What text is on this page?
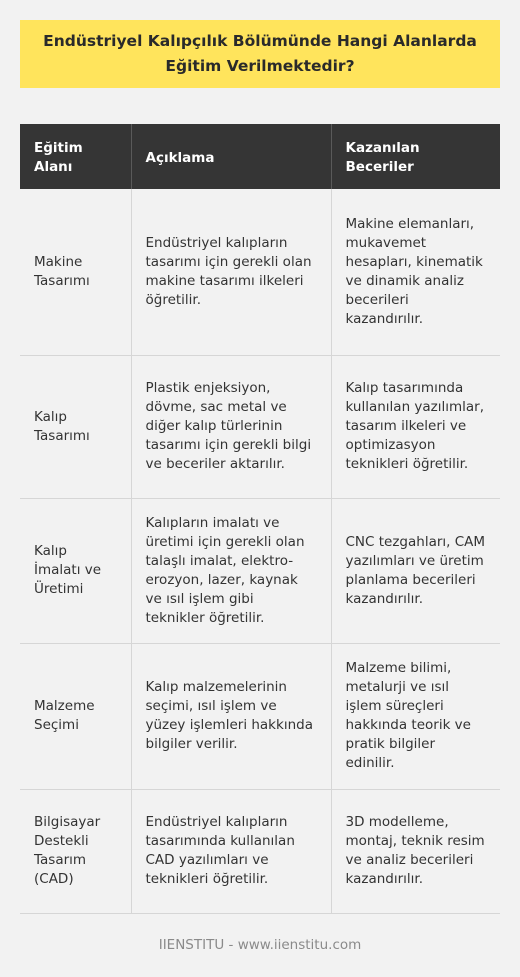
Endüstriyel Kalıpçılık Bölümünde Hangi Alanlarda Eğitim Verilmektedir?
Eğitim Alanı	Açıklama	Kazanılan Beceriler
Makine Tasarımı	Endüstriyel kalıpların tasarımı için gerekli olan makine tasarımı ilkeleri öğretilir.	Makine elemanları, mukavemet hesapları, kinematik ve dinamik analiz becerileri kazandırılır.
Kalıp Tasarımı	Plastik enjeksiyon, dövme, sac metal ve diğer kalıp türlerinin tasarımı için gerekli bilgi ve beceriler aktarılır.	Kalıp tasarımında kullanılan yazılımlar, tasarım ilkeleri ve optimizasyon teknikleri öğretilir.
Kalıp İmalatı ve Üretimi	Kalıpların imalatı ve üretimi için gerekli olan talaşlı imalat, elektro-erozyon, lazer, kaynak ve ısıl işlem gibi teknikler öğretilir.	CNC tezgahları, CAM yazılımları ve üretim planlama becerileri kazandırılır.
Malzeme Seçimi	Kalıp malzemelerinin seçimi, ısıl işlem ve yüzey işlemleri hakkında bilgiler verilir.	Malzeme bilimi, metalurji ve ısıl işlem süreçleri hakkında teorik ve pratik bilgiler edinilir.
Bilgisayar Destekli Tasarım (CAD)	Endüstriyel kalıpların tasarımında kullanılan CAD yazılımları ve teknikleri öğretilir.	3D modelleme, montaj, teknik resim ve analiz becerileri kazandırılır.
IIENSTITU - www.iienstitu.com
